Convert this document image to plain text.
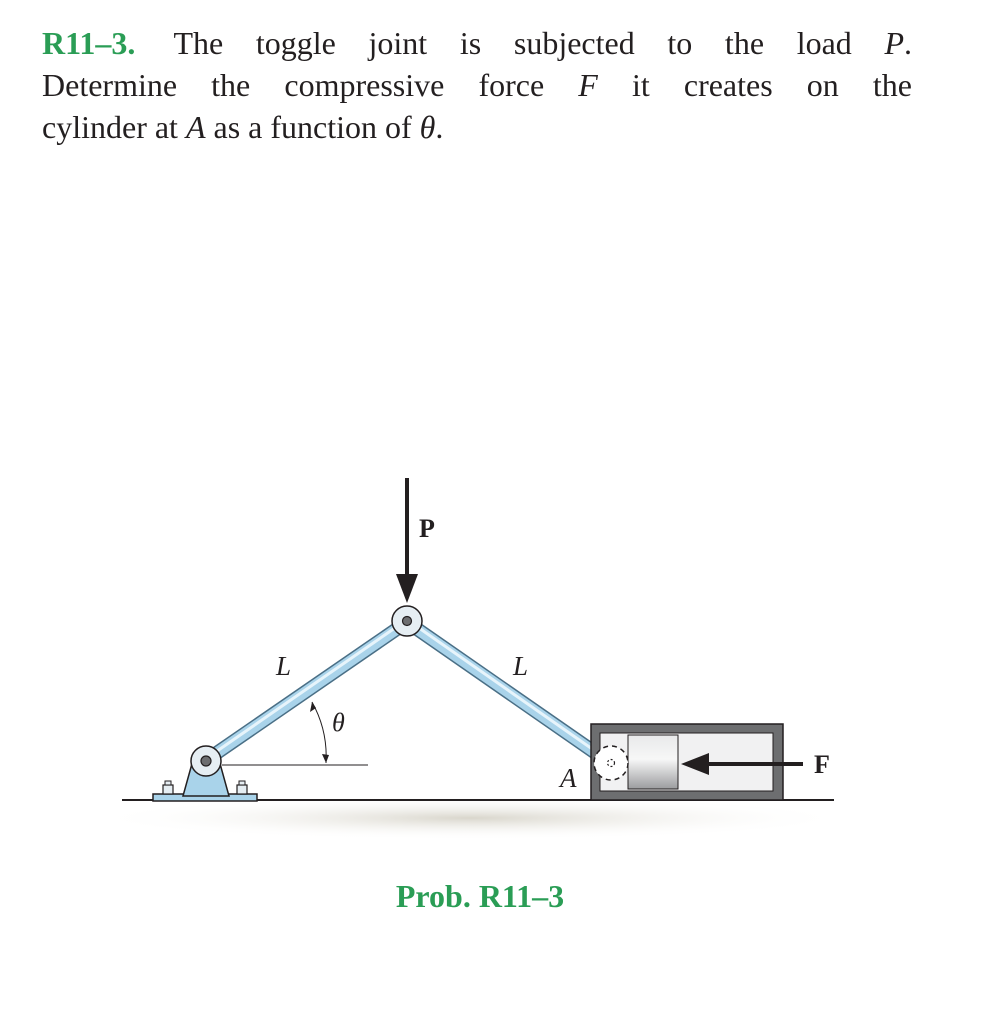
R11–3. The toggle joint is subjected to the load P.
Determine the compressive force F it creates on the
cylinder at A as a function of θ.
P
F
L	L
θ
A
Prob. R11–3
